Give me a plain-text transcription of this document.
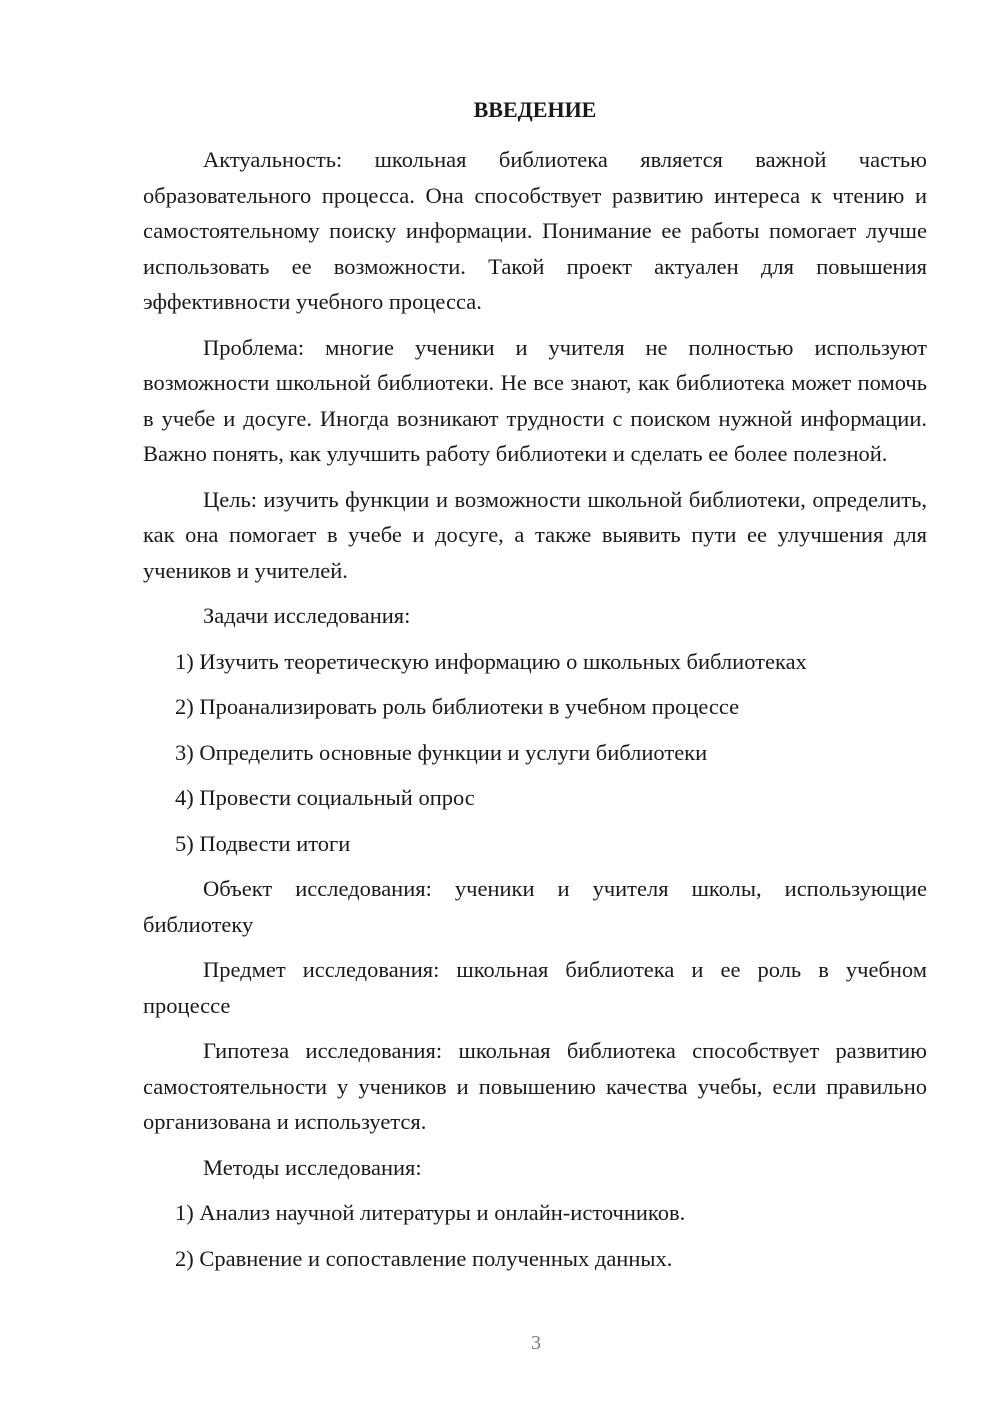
ВВЕДЕНИЕ

Актуальность: школьная библиотека является важной частью образовательного процесса. Она способствует развитию интереса к чтению и самостоятельному поиску информации. Понимание ее работы помогает лучше использовать ее возможности. Такой проект актуален для повышения эффективности учебного процесса.

Проблема: многие ученики и учителя не полностью используют возможности школьной библиотеки. Не все знают, как библиотека может помочь в учебе и досуге. Иногда возникают трудности с поиском нужной информации. Важно понять, как улучшить работу библиотеки и сделать ее более полезной.

Цель: изучить функции и возможности школьной библиотеки, определить, как она помогает в учебе и досуге, а также выявить пути ее улучшения для учеников и учителей.

Задачи исследования:

1) Изучить теоретическую информацию о школьных библиотеках
2) Проанализировать роль библиотеки в учебном процессе
3) Определить основные функции и услуги библиотеки
4) Провести социальный опрос
5) Подвести итоги

Объект исследования: ученики и учителя школы, использующие библиотеку

Предмет исследования: школьная библиотека и ее роль в учебном процессе

Гипотеза исследования: школьная библиотека способствует развитию самостоятельности у учеников и повышению качества учебы, если правильно организована и используется.

Методы исследования:

1) Анализ научной литературы и онлайн-источников.
2) Сравнение и сопоставление полученных данных.
3
